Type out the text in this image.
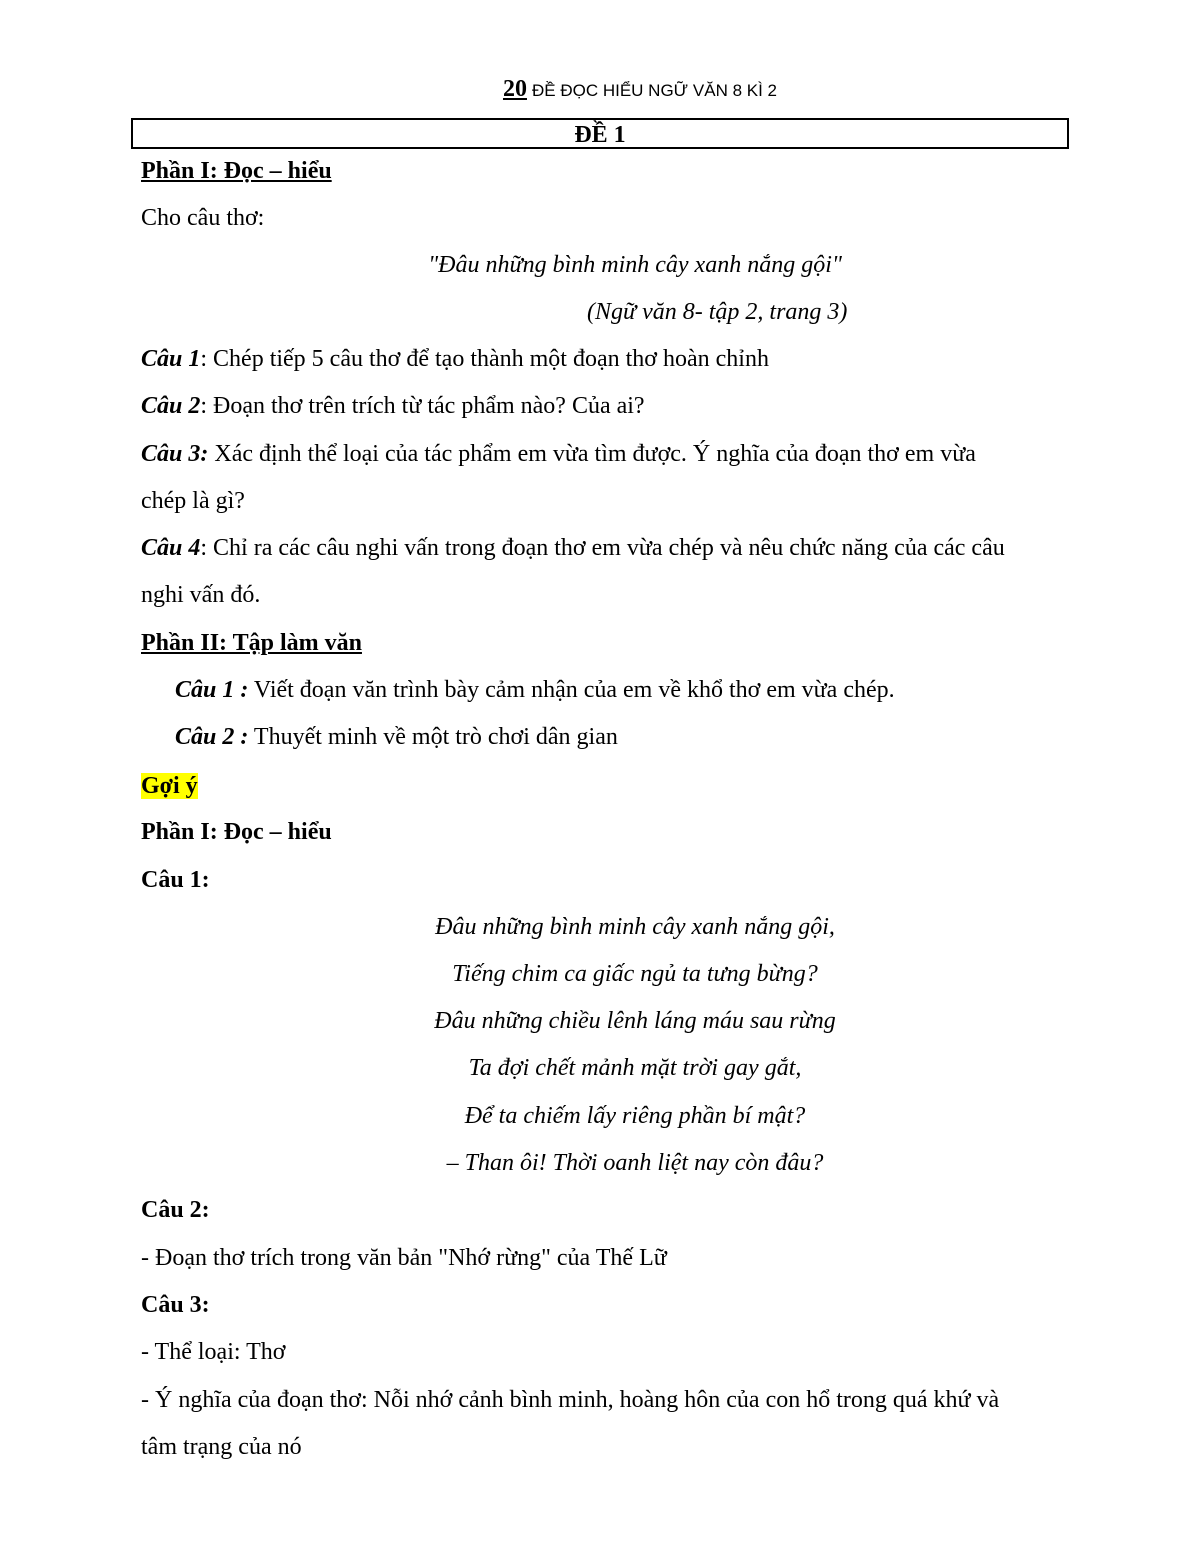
20 ĐỀ ĐỌC HIỂU NGỮ VĂN 8 KÌ 2
ĐỀ 1
Phần I: Đọc – hiểu
Cho câu thơ:
"Đâu những bình minh cây xanh nắng gội"
(Ngữ văn 8- tập 2, trang 3)
Câu 1: Chép tiếp 5 câu thơ để tạo thành một đoạn thơ hoàn chỉnh
Câu 2: Đoạn thơ trên trích từ tác phẩm nào? Của ai?
Câu 3: Xác định thể loại của tác phẩm em vừa tìm được. Ý nghĩa của đoạn thơ em vừa
chép là gì?
Câu 4: Chỉ ra các câu nghi vấn trong đoạn thơ em vừa chép và nêu chức năng của các câu
nghi vấn đó.
Phần II: Tập làm văn
Câu 1 : Viết đoạn văn trình bày cảm nhận của em về khổ thơ em vừa chép.
Câu 2 : Thuyết minh về một trò chơi dân gian
Gợi ý
Phần I: Đọc – hiểu
Câu 1:
Đâu những bình minh cây xanh nắng gội,
Tiếng chim ca giấc ngủ ta tưng bừng?
Đâu những chiều lênh láng máu sau rừng
Ta đợi chết mảnh mặt trời gay gắt,
Để ta chiếm lấy riêng phần bí mật?
– Than ôi! Thời oanh liệt nay còn đâu?
Câu 2:
- Đoạn thơ trích trong văn bản "Nhớ rừng" của Thế Lữ
Câu 3:
- Thể loại: Thơ
- Ý nghĩa của đoạn thơ: Nỗi nhớ cảnh bình minh, hoàng hôn của con hổ trong quá khứ và
tâm trạng của nó
